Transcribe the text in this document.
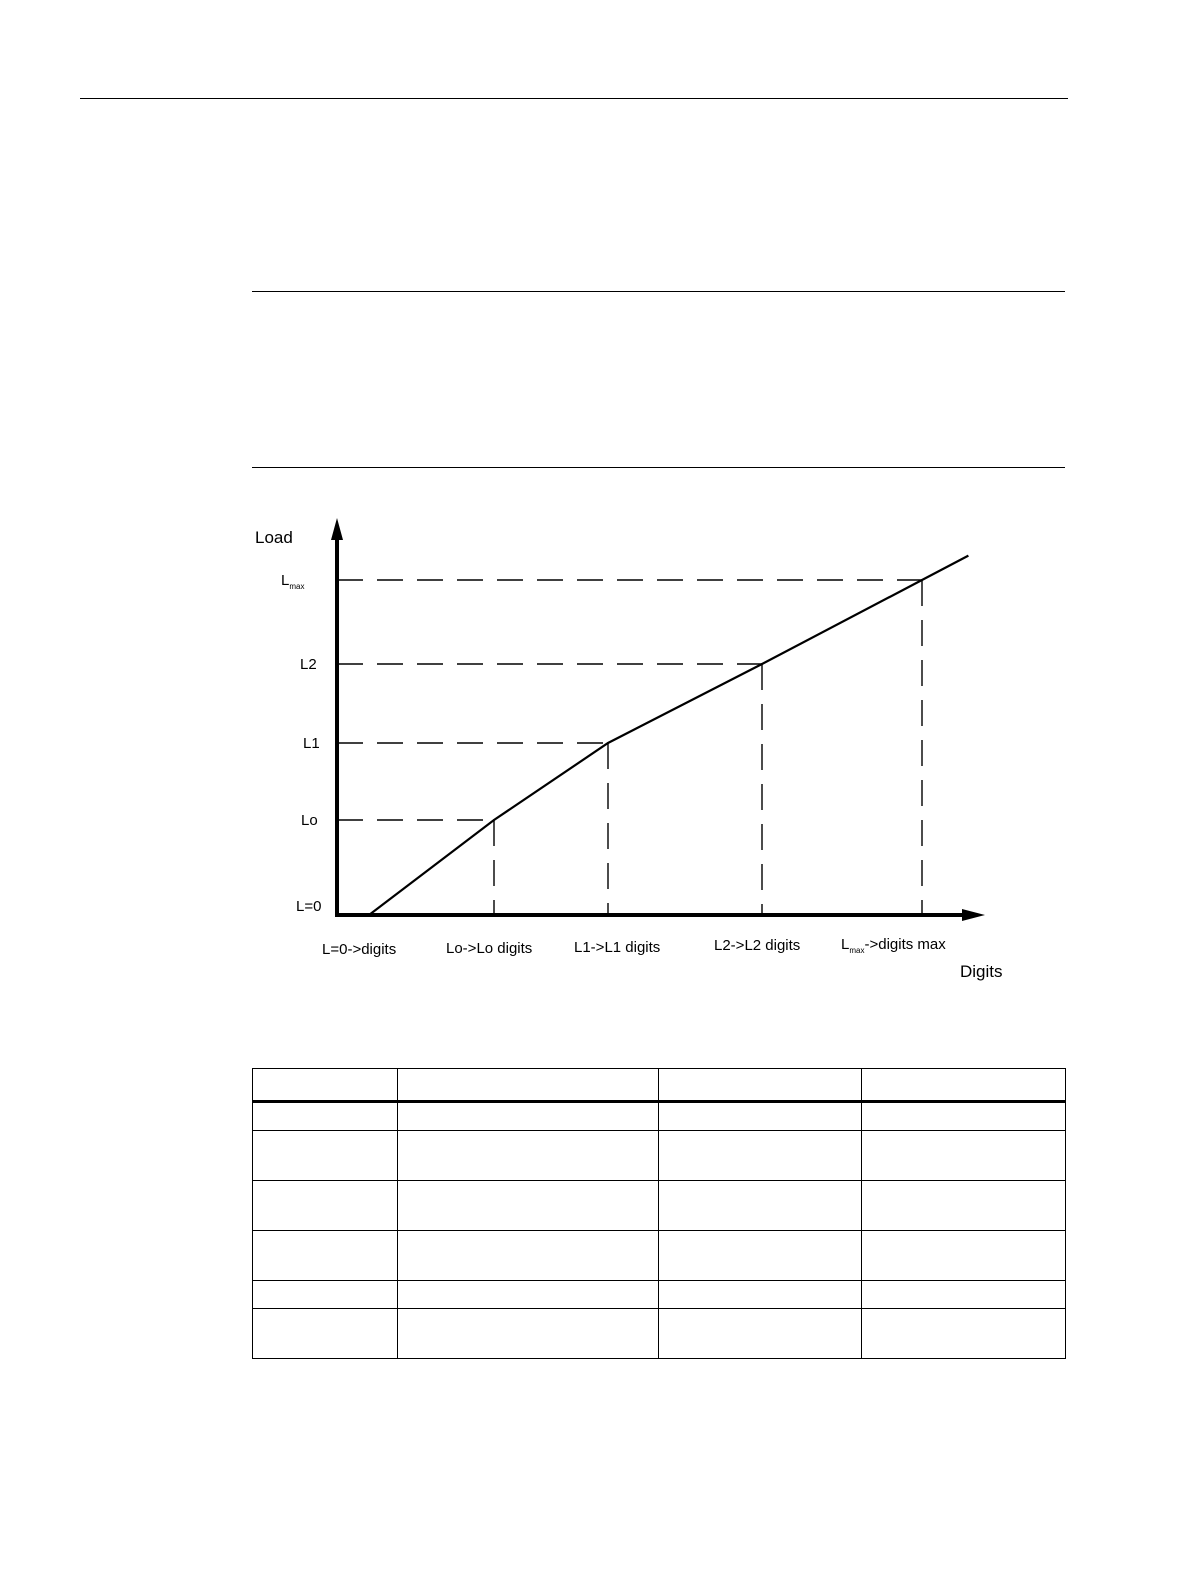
Load
Digits
L=0
Lo
L1
L2
$L_{max}$
L=0->digits	Lo->Lo digits	L1->L1 digits	L2->L2 digits	$L_{max}->digits$ max
